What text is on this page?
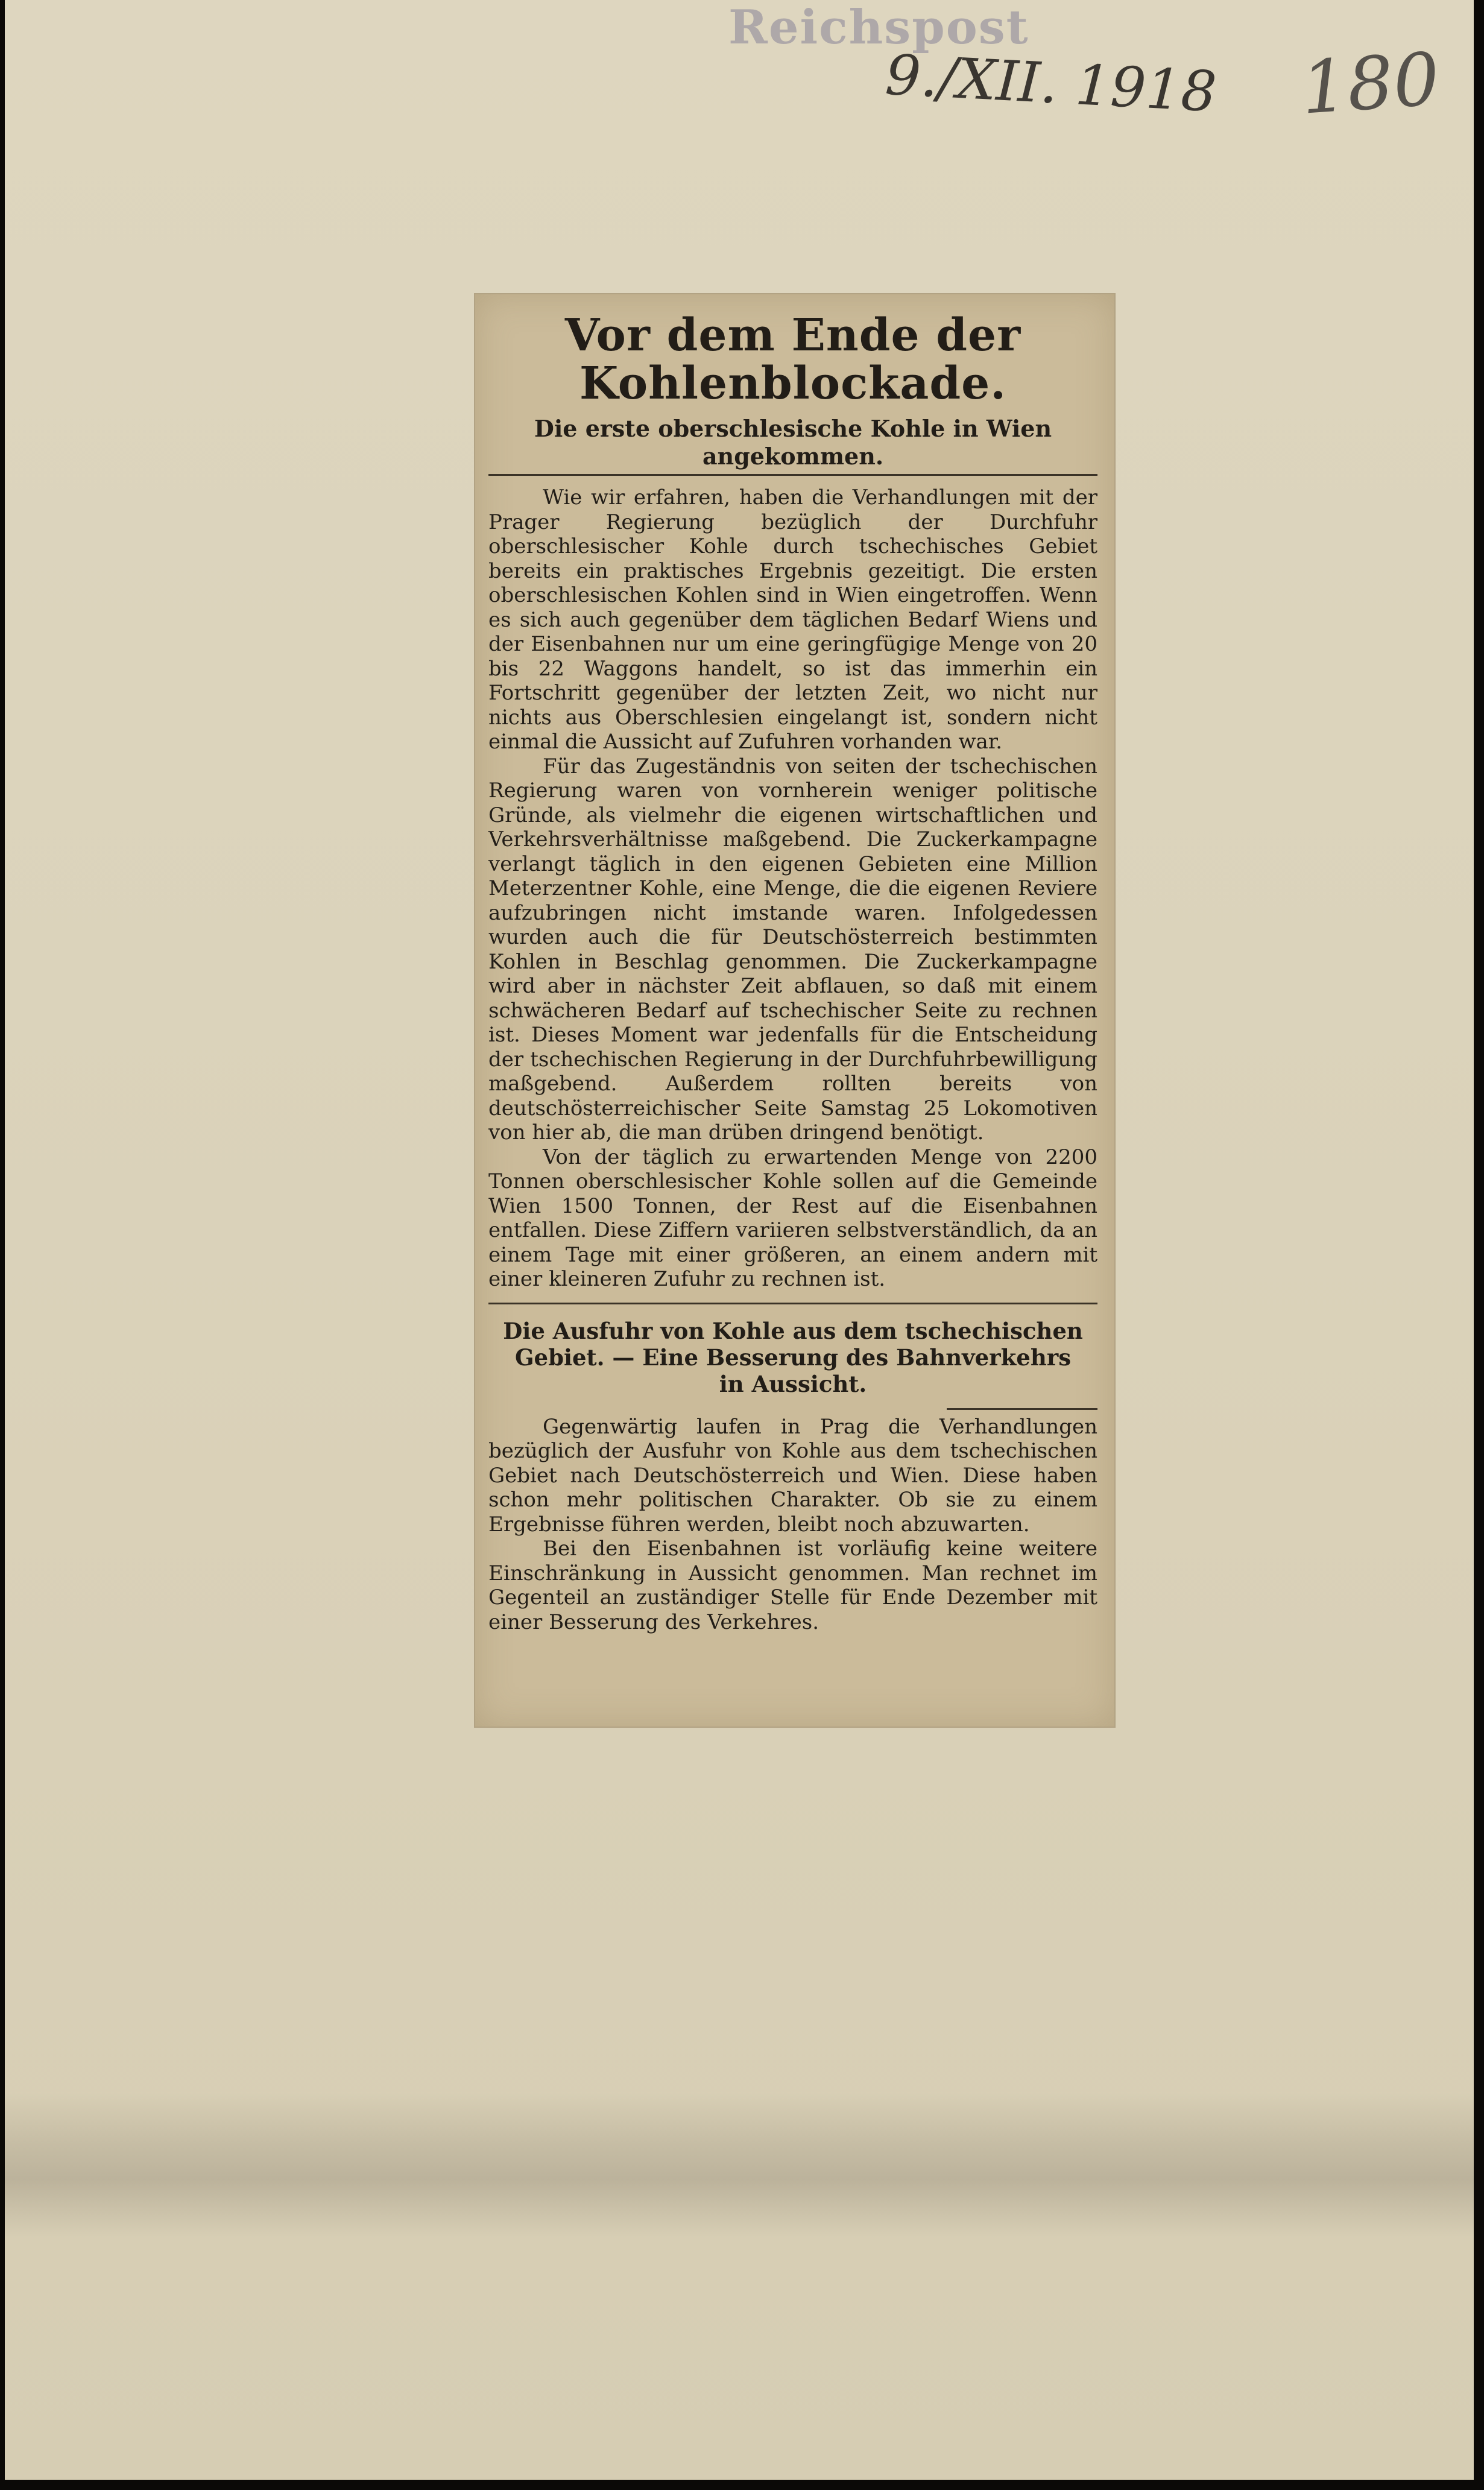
Reichspost
9./XII. 1918 180
Vor dem Ende der Kohlenblockade.
Die erste oberschlesische Kohle in Wien angekommen.

Wie wir erfahren, haben die Verhandlungen mit der Prager Regierung bezüglich der Durchfuhr oberschlesischer Kohle durch tschechisches Gebiet bereits ein praktisches Ergebnis gezeitigt. Die ersten oberschlesischen Kohlen sind in Wien eingetroffen. Wenn es sich auch gegenüber dem täglichen Bedarf Wiens und der Eisenbahnen nur um eine geringfügige Menge von 20 bis 22 Waggons handelt, so ist das immerhin ein Fortschritt gegenüber der letzten Zeit, wo nicht nur nichts aus Oberschlesien eingelangt ist, sondern nicht einmal die Aussicht auf Zufuhren vorhanden war.

Für das Zugeständnis von seiten der tschechischen Regierung waren von vornherein weniger politische Gründe, als vielmehr die eigenen wirtschaftlichen und Verkehrsverhältnisse maßgebend. Die Zuckerkampagne verlangt täglich in den eigenen Gebieten eine Million Meterzentner Kohle, eine Menge, die die eigenen Reviere aufzubringen nicht imstande waren. Infolgedessen wurden auch die für Deutschösterreich bestimmten Kohlen in Beschlag genommen. Die Zuckerkampagne wird aber in nächster Zeit abflauen, so daß mit einem schwächeren Bedarf auf tschechischer Seite zu rechnen ist. Dieses Moment war jedenfalls für die Entscheidung der tschechischen Regierung in der Durchfuhrbewilligung maßgebend. Außerdem rollten bereits von deutschösterreichischer Seite Samstag 25 Lokomotiven von hier ab, die man drüben dringend benötigt.

Von der täglich zu erwartenden Menge von 2200 Tonnen oberschlesischer Kohle sollen auf die Gemeinde Wien 1500 Tonnen, der Rest auf die Eisenbahnen entfallen. Diese Ziffern variieren selbstverständlich, da an einem Tage mit einer größeren, an einem andern mit einer kleineren Zufuhr zu rechnen ist.

Die Ausfuhr von Kohle aus dem tschechischen Gebiet. — Eine Besserung des Bahnverkehrs in Aussicht.

Gegenwärtig laufen in Prag die Verhandlungen bezüglich der Ausfuhr von Kohle aus dem tschechischen Gebiet nach Deutschösterreich und Wien. Diese haben schon mehr politischen Charakter. Ob sie zu einem Ergebnisse führen werden, bleibt noch abzuwarten.

Bei den Eisenbahnen ist vorläufig keine weitere Einschränkung in Aussicht genommen. Man rechnet im Gegenteil an zuständiger Stelle für Ende Dezember mit einer Besserung des Verkehres.
